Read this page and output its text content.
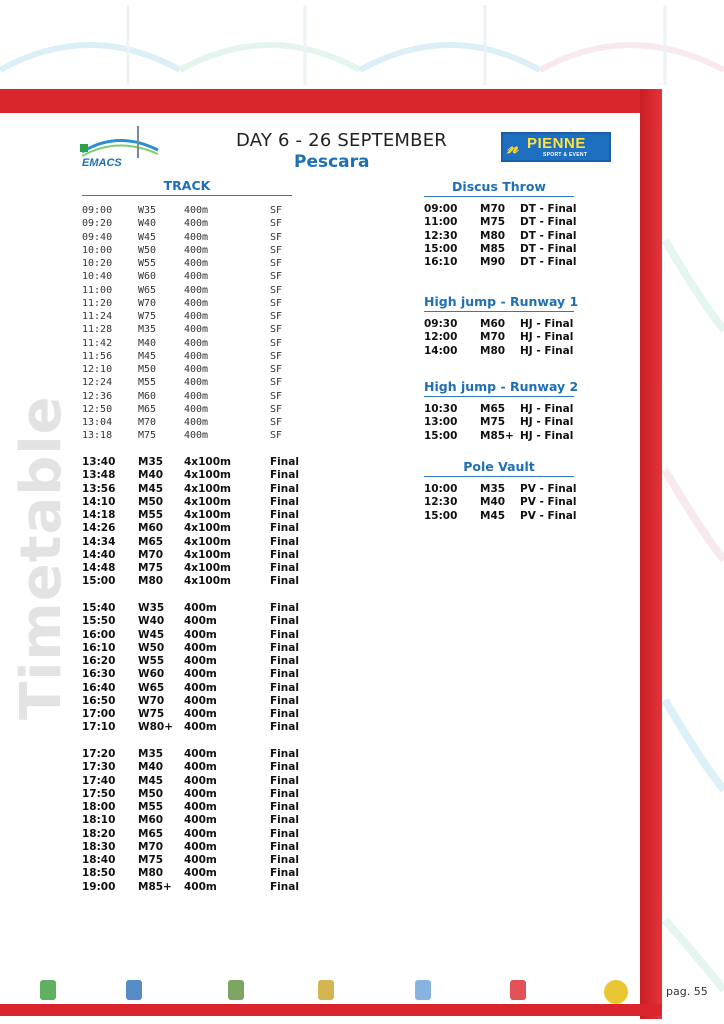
Timetable
EMACS
DAY 6 - 26 SEPTEMBER
Pescara
𝓃 PIENNE
SPORT & EVENT
TRACK
09:00	W35	400m	SF
09:20	W40	400m	SF
09:40	W45	400m	SF
10:00	W50	400m	SF
10:20	W55	400m	SF
10:40	W60	400m	SF
11:00	W65	400m	SF
11:20	W70	400m	SF
11:24	W75	400m	SF
11:28	M35	400m	SF
11:42	M40	400m	SF
11:56	M45	400m	SF
12:10	M50	400m	SF
12:24	M55	400m	SF
12:36	M60	400m	SF
12:50	M65	400m	SF
13:04	M70	400m	SF
13:18	M75	400m	SF
13:40 M35 4x100m	Final
13:48 M40 4x100m	Final
13:56 M45 4x100m	Final
14:10 M50 4x100m	Final
14:18 M55 4x100m	Final
14:26 M60 4x100m	Final
14:34 M65 4x100m	Final
14:40 M70 4x100m	Final
14:48 M75 4x100m	Final
15:00 M80 4x100m	Final
15:40 W35 400m	Final
15:50 W40 400m	Final
16:00 W45 400m	Final
16:10 W50 400m	Final
16:20 W55 400m	Final
16:30 W60 400m	Final
16:40 W65 400m	Final
16:50 W70 400m	Final
17:00 W75 400m	Final
17:10 W80+ 400m	Final
17:20 M35 400m	Final
17:30 M40 400m	Final
17:40 M45 400m	Final
17:50 M50 400m	Final
18:00 M55 400m	Final
18:10 M60 400m	Final
18:20 M65 400m	Final
18:30 M70 400m	Final
18:40 M75 400m	Final
18:50 M80 400m	Final
19:00 M85+ 400m	Final
Discus Throw
09:00 M70 DT - Final
11:00 M75 DT - Final
12:30 M80 DT - Final
15:00 M85 DT - Final
16:10 M90 DT - Final
High jump - Runway 1
09:30 M60 HJ - Final
12:00 M70 HJ - Final
14:00 M80 HJ - Final
High jump - Runway 2
10:30 M65 HJ - Final
13:00 M75 HJ - Final
15:00 M85+ HJ - Final
Pole Vault
10:00 M35 PV - Final
12:30 M40 PV - Final
15:00 M45 PV - Final
pag. 55
